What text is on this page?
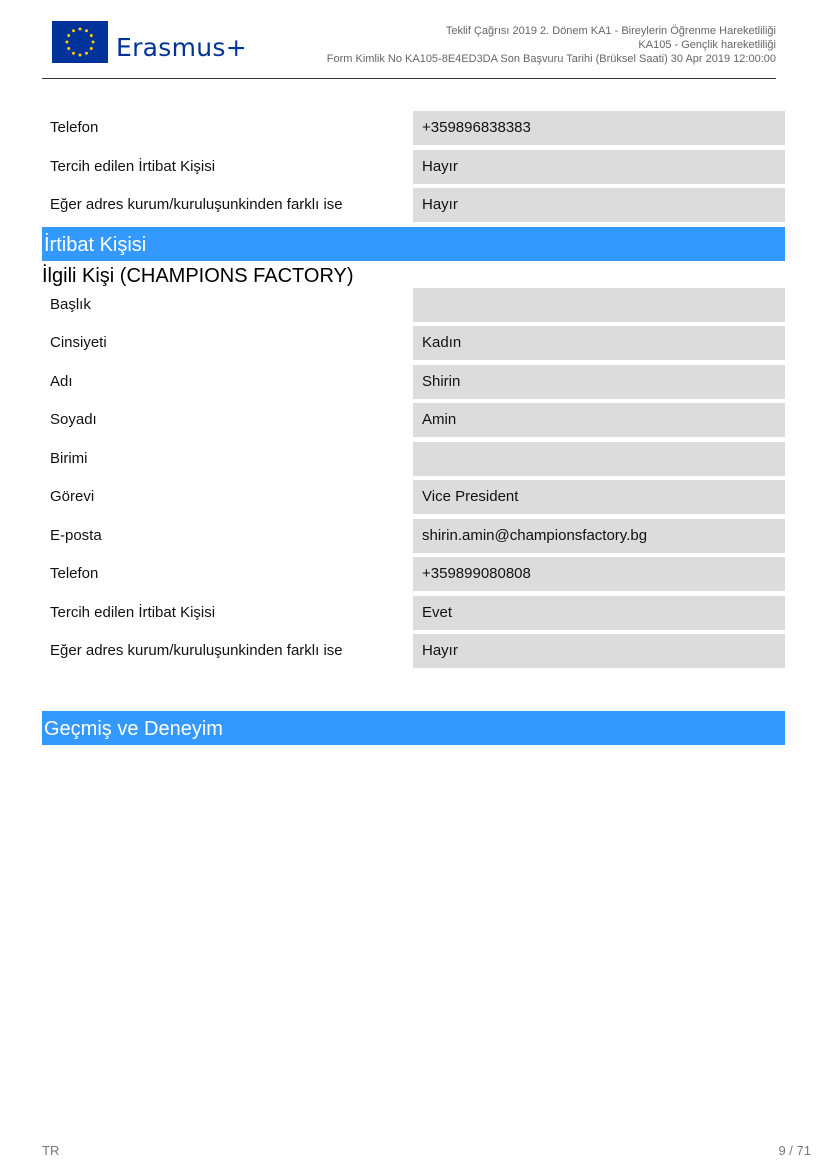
Erasmus+
Teklif Çağrısı 2019 2. Dönem KA1 - Bireylerin Öğrenme Hareketliliği
KA105 - Gençlik hareketliliği
Form Kimlik No KA105-8E4ED3DA Son Başvuru Tarihi (Brüksel Saati) 30 Apr 2019 12:00:00
Telefon	+359896838383
Tercih edilen İrtibat Kişisi	Hayır
Eğer adres kurum/kuruluşunkinden farklı ise	Hayır
İrtibat Kişisi
İlgili Kişi (CHAMPIONS FACTORY)
Başlık
Cinsiyeti	Kadın
Adı	Shirin
Soyadı	Amin
Birimi
Görevi	Vice President
E-posta	shirin.amin@championsfactory.bg
Telefon	+359899080808
Tercih edilen İrtibat Kişisi	Evet
Eğer adres kurum/kuruluşunkinden farklı ise	Hayır
Geçmiş ve Deneyim
TR	9 / 71
